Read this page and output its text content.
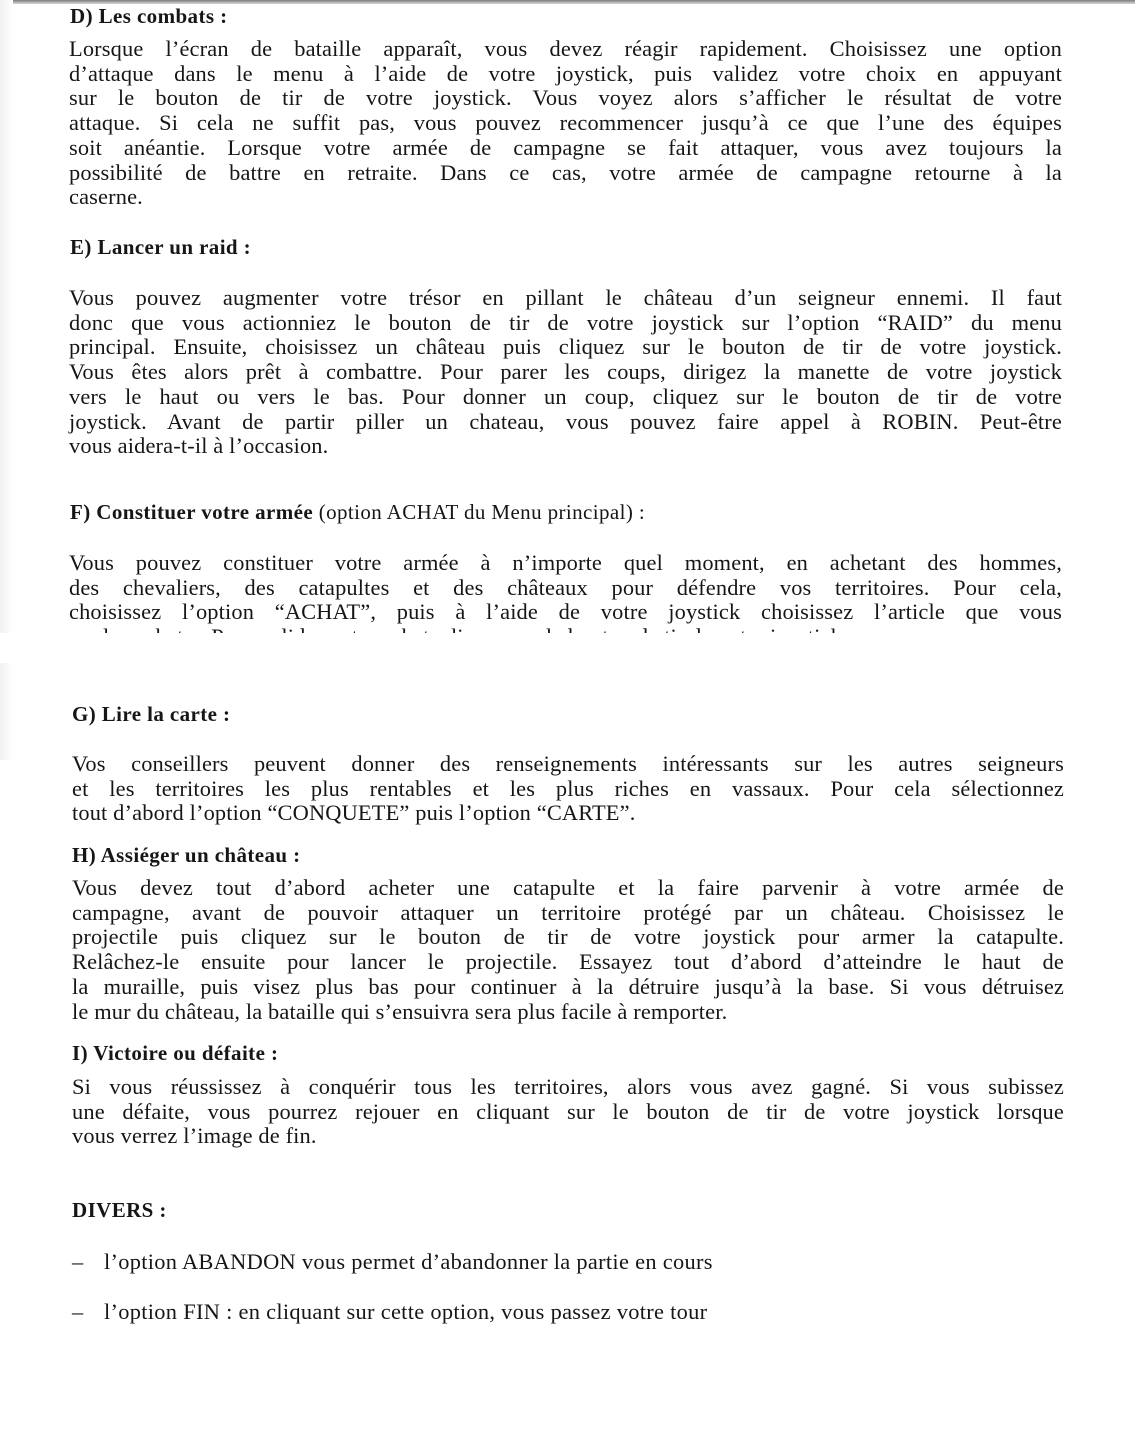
D) Les combats :
Lorsque l’écran de bataille apparaît, vous devez réagir rapidement. Choisissez une option
d’attaque dans le menu à l’aide de votre joystick, puis validez votre choix en appuyant
sur le bouton de tir de votre joystick. Vous voyez alors s’afficher le résultat de votre
attaque. Si cela ne suffit pas, vous pouvez recommencer jusqu’à ce que l’une des équipes
soit anéantie. Lorsque votre armée de campagne se fait attaquer, vous avez toujours la
possibilité de battre en retraite. Dans ce cas, votre armée de campagne retourne à la
caserne.
E) Lancer un raid :
Vous pouvez augmenter votre trésor en pillant le château d’un seigneur ennemi. Il faut
donc que vous actionniez le bouton de tir de votre joystick sur l’option “RAID” du menu
principal. Ensuite, choisissez un château puis cliquez sur le bouton de tir de votre joystick.
Vous êtes alors prêt à combattre. Pour parer les coups, dirigez la manette de votre joystick
vers le haut ou vers le bas. Pour donner un coup, cliquez sur le bouton de tir de votre
joystick. Avant de partir piller un chateau, vous pouvez faire appel à ROBIN. Peut-être
vous aidera-t-il à l’occasion.
F) Constituer votre armée (option ACHAT du Menu principal) :
Vous pouvez constituer votre armée à n’importe quel moment, en achetant des hommes,
des chevaliers, des catapultes et des châteaux pour défendre vos territoires. Pour cela,
choisissez l’option “ACHAT”, puis à l’aide de votre joystick choisissez l’article que vous
G) Lire la carte :
Vos conseillers peuvent donner des renseignements intéressants sur les autres seigneurs
et les territoires les plus rentables et les plus riches en vassaux. Pour cela sélectionnez
tout d’abord l’option “CONQUETE” puis l’option “CARTE”.
H) Assiéger un château :
Vous devez tout d’abord acheter une catapulte et la faire parvenir à votre armée de
campagne, avant de pouvoir attaquer un territoire protégé par un château. Choisissez le
projectile puis cliquez sur le bouton de tir de votre joystick pour armer la catapulte.
Relâchez-le ensuite pour lancer le projectile. Essayez tout d’abord d’atteindre le haut de
la muraille, puis visez plus bas pour continuer à la détruire jusqu’à la base. Si vous détruisez
le mur du château, la bataille qui s’ensuivra sera plus facile à remporter.
I) Victoire ou défaite :
Si vous réussissez à conquérir tous les territoires, alors vous avez gagné. Si vous subissez
une défaite, vous pourrez rejouer en cliquant sur le bouton de tir de votre joystick lorsque
vous verrez l’image de fin.
DIVERS :

– l’option ABANDON vous permet d’abandonner la partie en cours

– l’option FIN : en cliquant sur cette option, vous passez votre tour
